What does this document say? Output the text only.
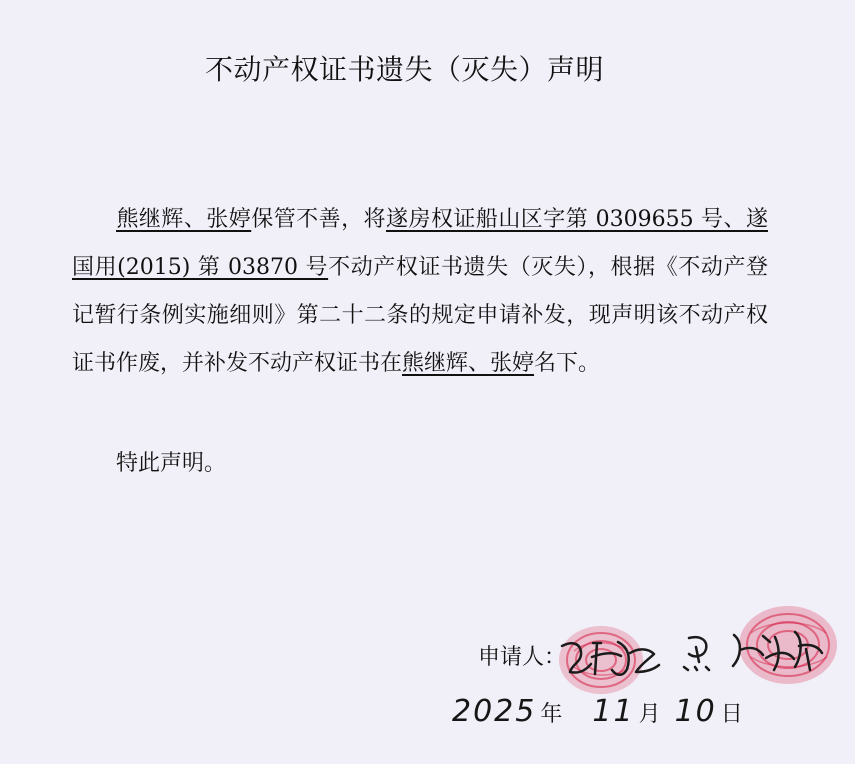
不动产权证书遗失（灭失）声明
熊继辉、张婷保管不善，将遂房权证船山区字第 0309655 号、遂国用(2015) 第 03870 号不动产权证书遗失（灭失），根据《不动产登记暂行条例实施细则》第二十二条的规定申请补发，现声明该不动产权证书作废，并补发不动产权证书在熊继辉、张婷名下。
特此声明。
申请人：
2025 年 11 月 10 日
